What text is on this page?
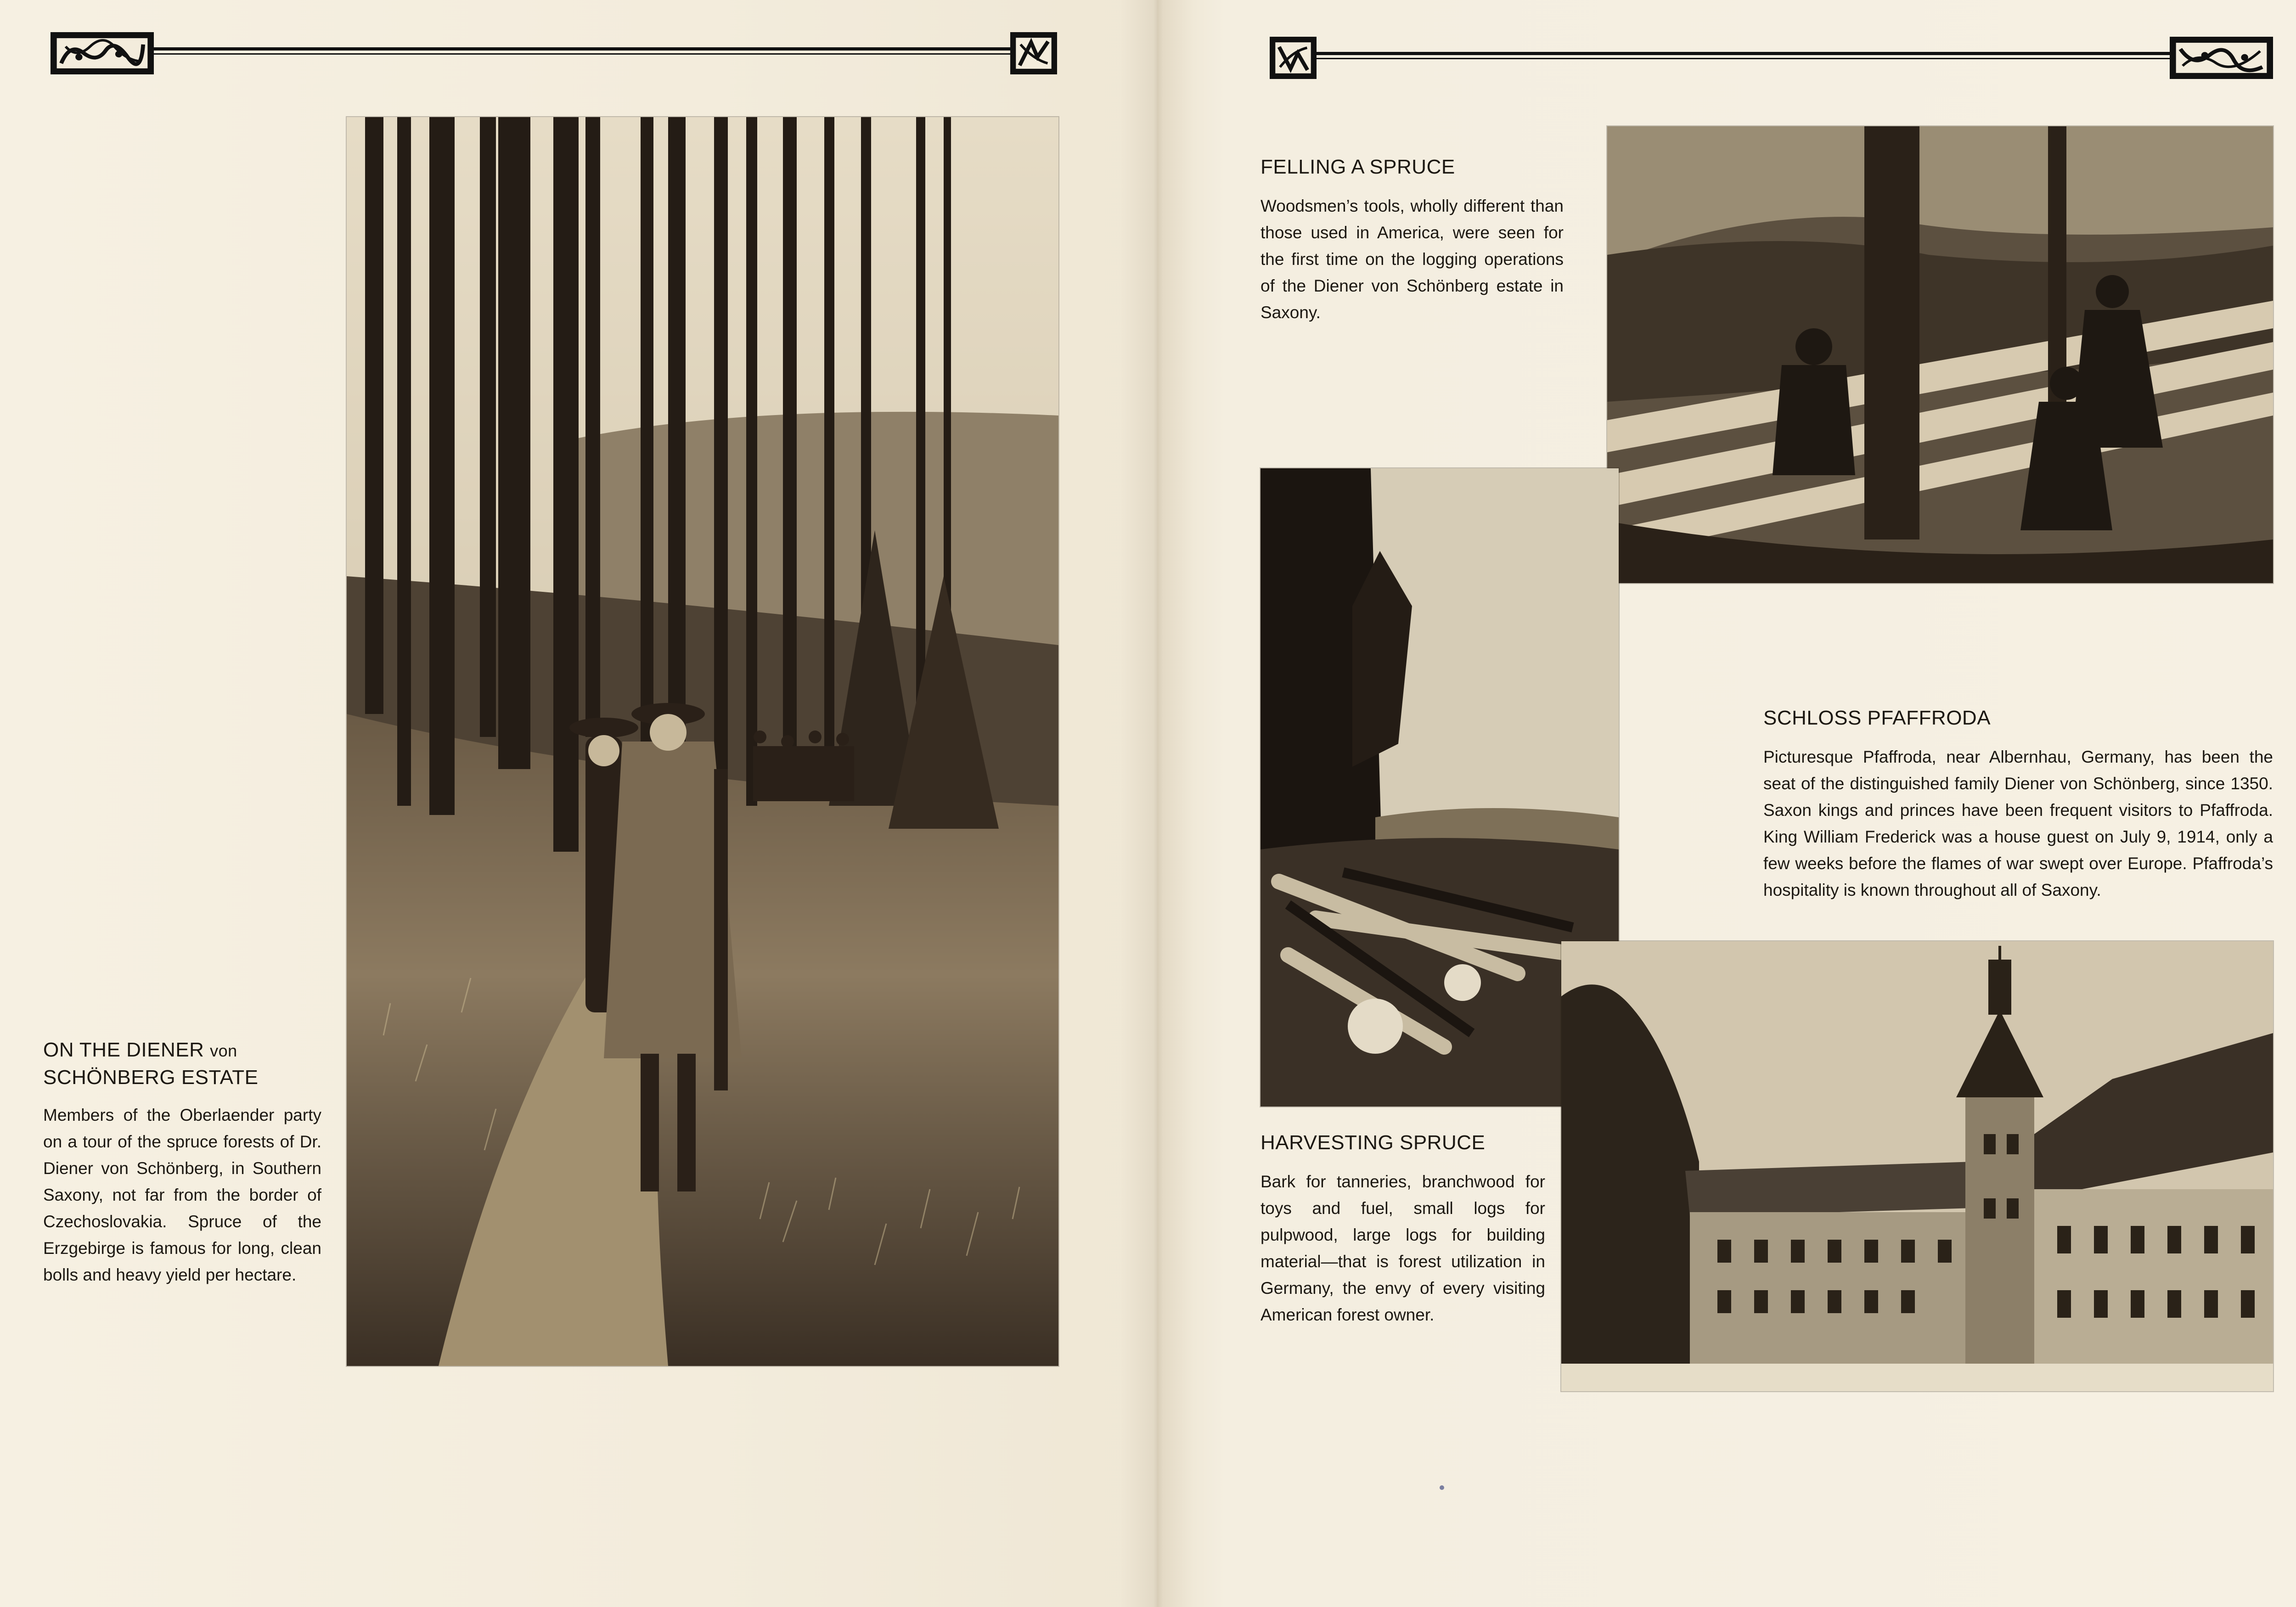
ON THE DIENER von
SCHÖNBERG ESTATE
Members of the Oberlaender party on a tour of the spruce forests of Dr. Diener von Schönberg, in Southern Saxony, not far from the border of Czechoslovakia. Spruce of the Erzgebirge is famous for long, clean bolls and heavy yield per hectare.
FELLING A SPRUCE
Woodsmen’s tools, wholly different than those used in America, were seen for the first time on the logging operations of the Diener von Schönberg estate in Saxony.
SCHLOSS PFAFFRODA
Picturesque Pfaffroda, near Albernhau, Germany, has been the seat of the distinguished family Diener von Schönberg, since 1350. Saxon kings and princes have been frequent visitors to Pfaffroda. King William Frederick was a house guest on July 9, 1914, only a few weeks before the flames of war swept over Europe. Pfaffroda’s hospitality is known throughout all of Saxony.
HARVESTING SPRUCE
Bark for tanneries, branchwood for toys and fuel, small logs for pulpwood, large logs for building material—that is forest utilization in Germany, the envy of every visiting American forest owner.
